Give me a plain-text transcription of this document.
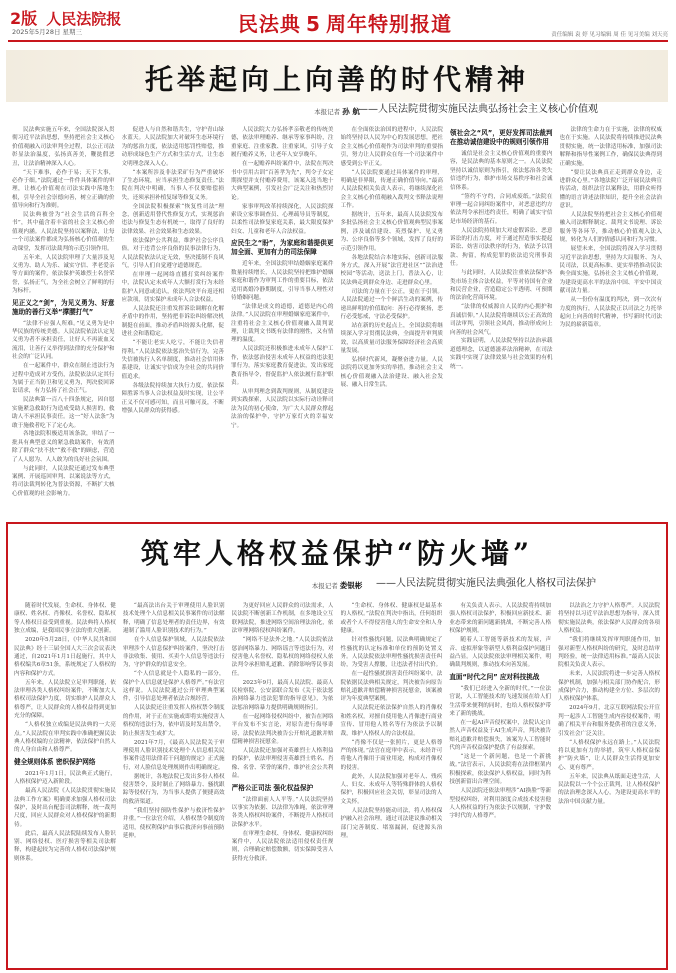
2版 人民法院报
2025年5月28日 星期三	民法典 5 周年特别报道	责任编辑 袁 婷 见习编辑 周 佳 见习美编 刘天亮
托举起向上向善的时代精神
——人民法院贯彻实施民法典弘扬社会主义核心价值观
本报记者 孙 航

民法典实施五年来，全国法院深入贯彻习近平法治思想，坚持把社会主义核心价值观融入司法审判全过程，以公正司法彰显法治温度，弘扬真善美，鞭挞假恶丑，让法治精神深入人心。

“天下难事，必作于易；天下大事，必作于细。”法院通过一件件具体案件的审理，让核心价值观在司法实践中落地生根，引导全社会崇德向善，树立正确的价值导向和行为准则。

民法典被誉为“社会生活的百科全书”，其中蕴含着丰富的社会主义核心价值观内涵。人民法院坚持以案释法，让每一个司法案件都成为弘扬核心价值观的生动课堂，发挥司法裁判的示范引领作用。

五年来，人民法院审理了大量涉及见义勇为、助人为乐、诚实守信、孝老爱亲等方面的案件，依法保护英雄烈士名誉荣誉，弘扬正气，为全社会树立了鲜明的行为标杆。

见正义之“剑”，为见义勇为、好意施助的善行义举“撑腰打气”

“法律不应强人所难。”见义勇为是中华民族的传统美德。人民法院依法认定见义勇为者不承担责任，让好人不再流血又流泪，让善行义举得到法律的充分保护和社会的广泛认同。

在一起案件中，群众在制止违法行为过程中造成对方受伤，法院依法认定其行为属于正当防卫和见义勇为，判决驳回诉讼请求，有力弘扬了社会正气。

民法典第一百八十四条规定，因自愿实施紧急救助行为造成受助人损害的，救助人不承担民事责任。这一“好人法条”为敢于施救者吃下了定心丸。

各地法院积极适用该条款，审结了一批具有典型意义的紧急救助案件，有效消除了群众“扶不扶”“救不救”的顾虑，营造了人人愿为、人人敢为的良好社会氛围。

与此同时，人民法院还通过发布典型案例、开展巡回审判、以案说法等方式，将司法裁判转化为普法资源，不断扩大核心价值观的社会影响力。

促进人与自然和谐共生，守护青山绿水蓝天。人民法院加大对破坏生态环境行为的惩治力度，依法适用惩罚性赔偿，推动形成绿色生产方式和生活方式，让生态文明理念深入人心。

“本案所涉及非法采矿行为严重破坏了生态环境，应当承担生态修复责任。”法院在判决中明确，当事人不仅要赔偿损失，还须承担补植复绿等修复义务。

全国法院积极探索“恢复性司法”理念，创新适用替代性修复方式，实现惩治违法与修复生态有机统一，取得了良好的法律效果、社会效果和生态效果。

依法保护公共利益，维护社会公序良俗。对于违背公序良俗的民事法律行为，人民法院依法认定无效，坚决抵制不良风气，引导人们自觉遵守道德规范。

在审理一起网络直播打赏纠纷案件中，法院认定未成年人大额打赏行为未经监护人同意或追认，依法判决平台返还相应款项，切实保护未成年人合法权益。

人民法院还注重发挥诉讼调解在化解矛盾中的作用，坚持把非诉讼纠纷解决机制挺在前面，推动矛盾纠纷源头化解，促进社会和谐稳定。

“不能让老实人吃亏，不能让失信者得利。”人民法院依法惩治失信行为，完善失信被执行人名单制度，推动社会信用体系建设，让诚实守信成为全社会的共同价值追求。

各级法院持续加大执行力度，依法保障胜诉当事人合法权益及时实现，让公平正义不仅可感可知，而且可触可及，不断增强人民群众的获得感。

人民法院大力弘扬孝亲敬老的传统美德，依法审理赡养、继承等家事纠纷，注重家庭、注重家教、注重家风，引导子女履行赡养义务，让老年人安享晚年。

在一起赡养纠纷案件中，法院在判决书中引用古训“百善孝为先”，判令子女定期探望并支付赡养费用，该案入选当地十大典型案例，引发社会广泛关注和热烈讨论。

家事审判改革持续深化，人民法院探索设立家事调查员、心理疏导员等制度，以柔性司法修复家庭关系，最大限度保护妇女、儿童和老年人合法权益。

应民生之“盼”，为家庭和谐提供更加全面、更加有力的司法保障

近年来，全国法院审结婚姻家庭案件数量持续增长，人民法院坚持把维护婚姻家庭和谐作为审判工作的重要目标，依法适用离婚冷静期制度，引导当事人理性对待婚姻问题。

“法律是成文的道德，道德是内心的法律。”人民法院在审理婚姻家庭案件中，注重将社会主义核心价值观融入裁判说理，让裁判文书既有法律的刚性，又有情理的温度。

人民法院还积极推进未成年人保护工作，依法惩治侵害未成年人权益的违法犯罪行为，落实家庭教育促进法，发出家庭教育指导令，督促监护人依法履行监护职责。

从审判理念到裁判规则，从制度建设到实践探索，人民法院以实际行动诠释司法为民的初心使命，为广大人民群众撑起法治的保护伞，守护万家灯火的幸福安宁。

在全面依法治国的进程中，人民法院始终坚持以人民为中心的发展思想，把社会主义核心价值观作为司法审判的重要指引，努力让人民群众在每一个司法案件中感受到公平正义。

“人民法院要通过具体案件的审理，明确是非界限，传递正确价值导向。”最高人民法院相关负责人表示，将继续深化社会主义核心价值观融入裁判文书释法说理工作。

据统计，五年来，最高人民法院发布多批弘扬社会主义核心价值观典型民事案例，涉及诚信建设、英烈保护、见义勇为、公序良俗等多个领域，发挥了良好的示范引领作用。

各地法院结合本地实际，创新司法服务方式，深入开展“法官进社区”“法治进校园”等活动，送法上门，普法入心，让民法典走到群众身边、走进群众心里。

司法的力量在于公正，更在于引领。人民法院通过一个个鲜活生动的案例，传递出鲜明的价值取向：善行必得褒扬，恶行必受惩戒，守法必受保护。

站在新的历史起点上，全国法院将继续深入学习贯彻民法典，全面提升审判质效，以高质量司法服务保障经济社会高质量发展。

弘扬时代新风，凝聚奋进力量。人民法院将以更加务实的举措，推动社会主义核心价值观融入法治建设、融入社会发展、融入日常生活。

领社会之“风”，更好发挥司法裁判在推动诚信建设中的规则引领作用

诚信是社会主义核心价值观的重要内容，是民法典的基本原则之一。人民法院坚持以诚信原则为指引，依法惩治各类失信违约行为，维护市场交易秩序和社会诚信体系。

“签约不守约，合同成废纸。”法院在审理一起合同纠纷案件中，对恶意违约方依法判令承担违约责任，明确了诚实守信是市场经济的基石。

人民法院持续加大对虚假诉讼、恶意诉讼的打击力度，对于通过捏造事实提起诉讼、妨害司法秩序的行为，依法予以罚款、拘留，构成犯罪的依法追究刑事责任。

与此同时，人民法院注重依法保护各类市场主体合法权益，平等对待国有企业和民营企业，营造稳定公平透明、可预期的法治化营商环境。

“法律的权威源自人民的内心拥护和真诚信仰。”人民法院将继续以公正高效的司法审判，引领社会风尚，推动形成向上向善的社会风气。

实践证明，人民法院坚持以法治承载道德理念，以道德滋养法治精神，在司法实践中实现了法律效果与社会效果的有机统一。

法律的生命力在于实施，法律的权威也在于实施。人民法院将持续推进民法典贯彻实施，统一法律适用标准，加强司法解释和指导性案例工作，确保民法典得到正确实施。

“要让民法典真正走到群众身边，走进群众心里。”各地法院广泛开展民法典宣传活动，组织法官以案释法，用群众听得懂的语言讲述法律知识，提升全社会法治意识。

人民法院坚持把社会主义核心价值观融入司法解释制定、裁判文书说理、诉讼服务等各环节，推动核心价值观入法入规，转化为人们的情感认同和行为习惯。

展望未来，全国法院将深入学习贯彻习近平法治思想，坚持为大局服务、为人民司法，以更高标准、更实举措推动民法典全面实施，弘扬社会主义核心价值观，为建设更高水平的法治中国、平安中国贡献司法力量。

从一份份有温度的判决，到一次次有力度的执行，人民法院正以司法之力托举起向上向善的时代精神，书写新时代司法为民的崭新篇章。

筑牢人格权益保护“防火墙”
——人民法院贯彻实施民法典强化人格权司法保护
本报记者 娄银彬

随着时代发展，生命权、身体权、健康权、姓名权、肖像权、名誉权、隐私权等人格权日益受到重视。民法典将人格权独立成编，是我国民事立法的重大创新。

2020年5月28日，《中华人民共和国民法典》经十三届全国人大三次会议表决通过，自2021年1月1日起施行，其中人格权编共6章51条，系统规定了人格权的内容和保护方式。

五年来，人民法院立足审判职能，依法审理各类人格权纠纷案件，不断加大人格权司法保护力度，切实维护人民群众人格尊严，让人民群众的人格权益得到更加充分的保障。

“人格权独立成编是民法典的一大亮点。”人民法院在审判实践中准确把握民法典人格权编的立法精神，依法保护自然人的人身自由和人格尊严。

健全规则体系 密织保护网络

2021年1月1日，民法典正式施行，人格权保护迈入新阶段。

最高人民法院《人民法院贯彻实施民法典工作方案》明确要求加强人格权司法保护，及时出台配套司法解释，统一裁判尺度，回应人民群众对人格权保护的新期待。

此后，最高人民法院陆续发布人脸识别、网络侵权、医疗损害等相关司法解释，构建起较为完善的人格权司法保护规则体系。

“最高法出台关于审理使用人脸识别技术处理个人信息相关民事案件的司法解释，明确了信息处理者的责任边界，有效遏制了滥用人脸识别技术的行为。”

在个人信息保护领域，人民法院依法审理涉个人信息保护纠纷案件，坚决打击非法收集、使用、买卖个人信息等违法行为，守护群众的信息安全。

“个人信息就是个人隐私的一部分，保护个人信息就是保护人格尊严。”有法官这样说。人民法院通过公开审理典型案件，引导信息处理者依法合规经营。

人民法院还注重发挥人格权禁令制度的作用，对于正在实施或即将实施侵害人格权的违法行为，依申请及时发出禁令，防止损害发生或扩大。

2021年7月，《最高人民法院关于审理使用人脸识别技术处理个人信息相关民事案件适用法律若干问题的规定》正式施行，对人脸信息处理规则作出明确规定。

据统计，各地法院已发出多份人格权侵害禁令，及时制止了网络暴力、骚扰跟踪等侵权行为，为当事人提供了便捷高效的救济渠道。

“我们坚持预防性保护与救济性保护并重。”一位法官介绍，人格权禁令制度的适用，使权利保护由事后救济向事前预防延伸。

为更好回应人民群众的司法需求，人民法院不断创新工作机制，在多地设立互联网法院，推进网络空间治理法治化，依法审理网络侵权纠纷案件。

“网络不是法外之地。”人民法院依法惩治网络暴力、网络谣言等违法行为，对侵害他人名誉权、隐私权的网络侵权人依法判令承担赔礼道歉、消除影响等民事责任。

2023年9月，最高人民法院、最高人民检察院、公安部联合发布《关于依法惩治网络暴力违法犯罪的指导意见》，为依法惩治网络暴力提供明确规则指引。

在一起网络侵权纠纷中，被告在网络平台发布不实言论，对原告进行侮辱诽谤，法院依法判决被告公开赔礼道歉并赔偿精神损害抚慰金。

人民法院还加强对英雄烈士人格利益的保护，依法审理侵害英雄烈士姓名、肖像、名誉、荣誉的案件，维护社会公共利益。

严格公正司法 强化权益保护

“法律面前人人平等。”人民法院坚持以事实为依据、以法律为准绳，依法审理各类人格权纠纷案件，不断提升人格权司法保护水平。

在审理生命权、身体权、健康权纠纷案件中，人民法院依法适用侵权责任规则，合理确定赔偿数额，切实保障受害人获得充分救济。

“生命权、身体权、健康权是最基本的人格权。”法院在判决中指出，任何组织或者个人不得侵害他人的生命安全和人身健康。

针对性骚扰问题，民法典明确规定了性骚扰的认定标准和单位的预防处置义务。人民法院依法审理性骚扰损害责任纠纷，为受害人撑腰，让违法者付出代价。

在一起性骚扰损害责任纠纷案中，法院依据民法典相关规定，判决被告向原告赔礼道歉并赔偿精神损害抚慰金，该案被评为年度典型案例。

人民法院还依法保护自然人的肖像权和姓名权，对擅自使用他人肖像进行商业宣传、冒用他人姓名等行为依法予以制裁，维护人格权人的合法权益。

“肖像不仅是一张照片，更是人格尊严的体现。”法官在庭审中表示，未经许可将他人肖像用于商业用途，构成对肖像权的侵害。

此外，人民法院加强对老年人、残疾人、妇女、未成年人等特殊群体的人格权保护，积极回应社会关切，彰显司法的人文关怀。

人民法院坚持能动司法，将人格权保护融入社会治理，通过司法建议推动相关部门完善制度、堵塞漏洞，促进源头治理。

有关负责人表示，人民法院将持续加强人格权司法保护，积极回应新技术、新业态带来的新问题新挑战，不断完善人格权保护规则。

随着人工智能等新技术的发展，声音、虚拟形象等新型人格利益保护问题日益凸显。人民法院依法审理相关案件，明确裁判规则，推动技术向善发展。

直面“时代之问” 应对科技挑战

“我们已经进入全新的时代。”一位法官说，人工智能技术的飞速发展在给人们生活带来便利的同时，也给人格权保护带来了新的挑战。

在一起AI声音侵权案中，法院认定自然人声音权益及于AI生成声音，判决被告赔礼道歉并赔偿损失，该案为人工智能时代的声音权益保护提供了有益探索。

“这是一个新问题，也是一个新挑战。”法官表示，人民法院将在法律框架内积极探索，依法保护人格权益，同时为科技创新留出合理空间。

人民法院还依法审理涉“AI换脸”等新型侵权纠纷，对利用深度合成技术侵害他人人格权益的行为依法予以规制，守护数字时代的人格尊严。

以法治之力守护人格尊严。人民法院将坚持以习近平法治思想为指导，深入贯彻实施民法典，依法保护人民群众的各项人格权益。

“我们将继续发挥审判职能作用，加强对新型人格权纠纷的研究，及时总结审判经验，统一法律适用标准。”最高人民法院相关负责人表示。

未来，人民法院将进一步完善人格权保护机制，加强与相关部门协作配合，形成保护合力，推动构建全方位、多层次的人格权保护体系。

2024年9月，北京互联网法院公开宣判一起涉人工智能生成内容侵权案件，明确了相关平台和服务提供者的注意义务，引发社会广泛关注。

“人格权保护永远在路上。”人民法院将以更加有力的举措，筑牢人格权益保护“防火墙”，让人民群众生活得更加安心、更有尊严。

五年来，民法典从纸面走进生活，人民法院以一个个公正裁判，让人格权保护的法治理念深入人心，为建设更高水平的法治中国贡献力量。
